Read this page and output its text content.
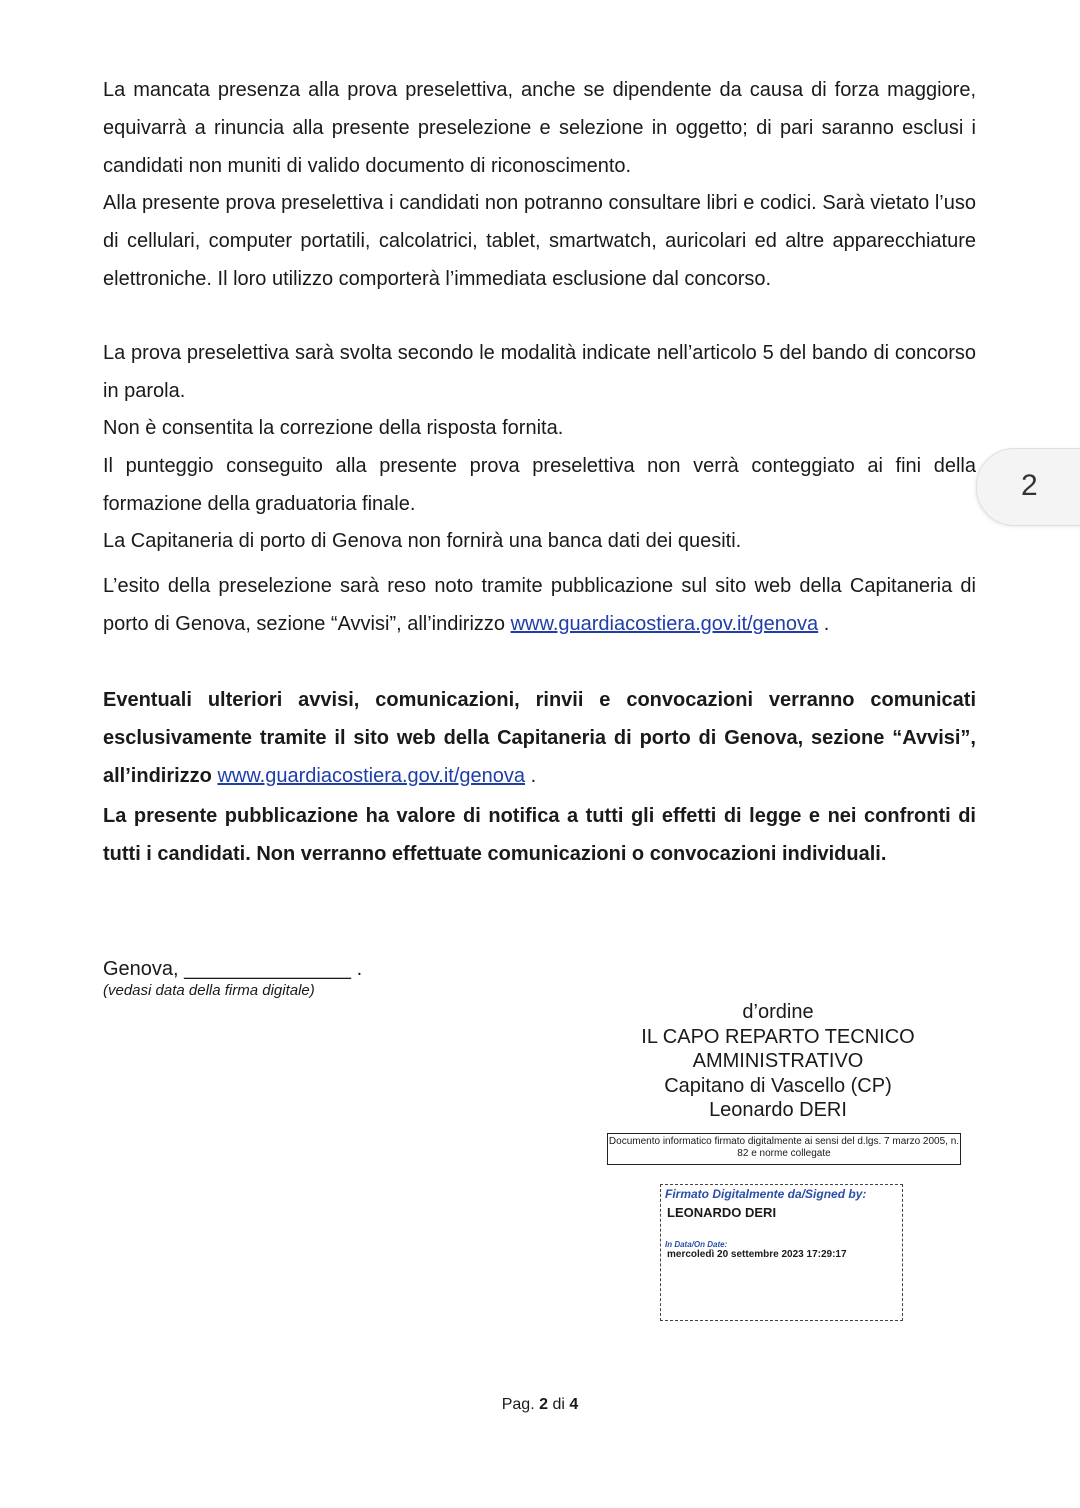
La mancata presenza alla prova preselettiva, anche se dipendente da causa di forza maggiore, equivarrà a rinuncia alla presente preselezione e selezione in oggetto; di pari saranno esclusi i candidati non muniti di valido documento di riconoscimento.

Alla presente prova preselettiva i candidati non potranno consultare libri e codici. Sarà vietato l’uso di cellulari, computer portatili, calcolatrici, tablet, smartwatch, auricolari ed altre apparecchiature elettroniche. Il loro utilizzo comporterà l’immediata esclusione dal concorso.

La prova preselettiva sarà svolta secondo le modalità indicate nell’articolo 5 del bando di concorso in parola.

Non è consentita la correzione della risposta fornita.

Il punteggio conseguito alla presente prova preselettiva non verrà conteggiato ai fini della formazione della graduatoria finale.

La Capitaneria di porto di Genova non fornirà una banca dati dei quesiti.

L’esito della preselezione sarà reso noto tramite pubblicazione sul sito web della Capitaneria di porto di Genova, sezione “Avvisi”, all’indirizzo www.guardiacostiera.gov.it/genova .

Eventuali ulteriori avvisi, comunicazioni, rinvii e convocazioni verranno comunicati esclusivamente tramite il sito web della Capitaneria di porto di Genova, sezione “Avvisi”, all’indirizzo www.guardiacostiera.gov.it/genova .

La presente pubblicazione ha valore di notifica a tutti gli effetti di legge e nei confronti di tutti i candidati. Non verranno effettuate comunicazioni o convocazioni individuali.

2
Genova, _______________ .
(vedasi data della firma digitale)
d’ordine
IL CAPO REPARTO TECNICO
AMMINISTRATIVO
Capitano di Vascello (CP)
Leonardo DERI
Documento informatico firmato digitalmente ai sensi del d.lgs. 7 marzo 2005, n. 82 e norme collegate
Firmato Digitalmente da/Signed by:
LEONARDO DERI
In Data/On Date:
mercoledì 20 settembre 2023 17:29:17
Pag. 2 di 4
